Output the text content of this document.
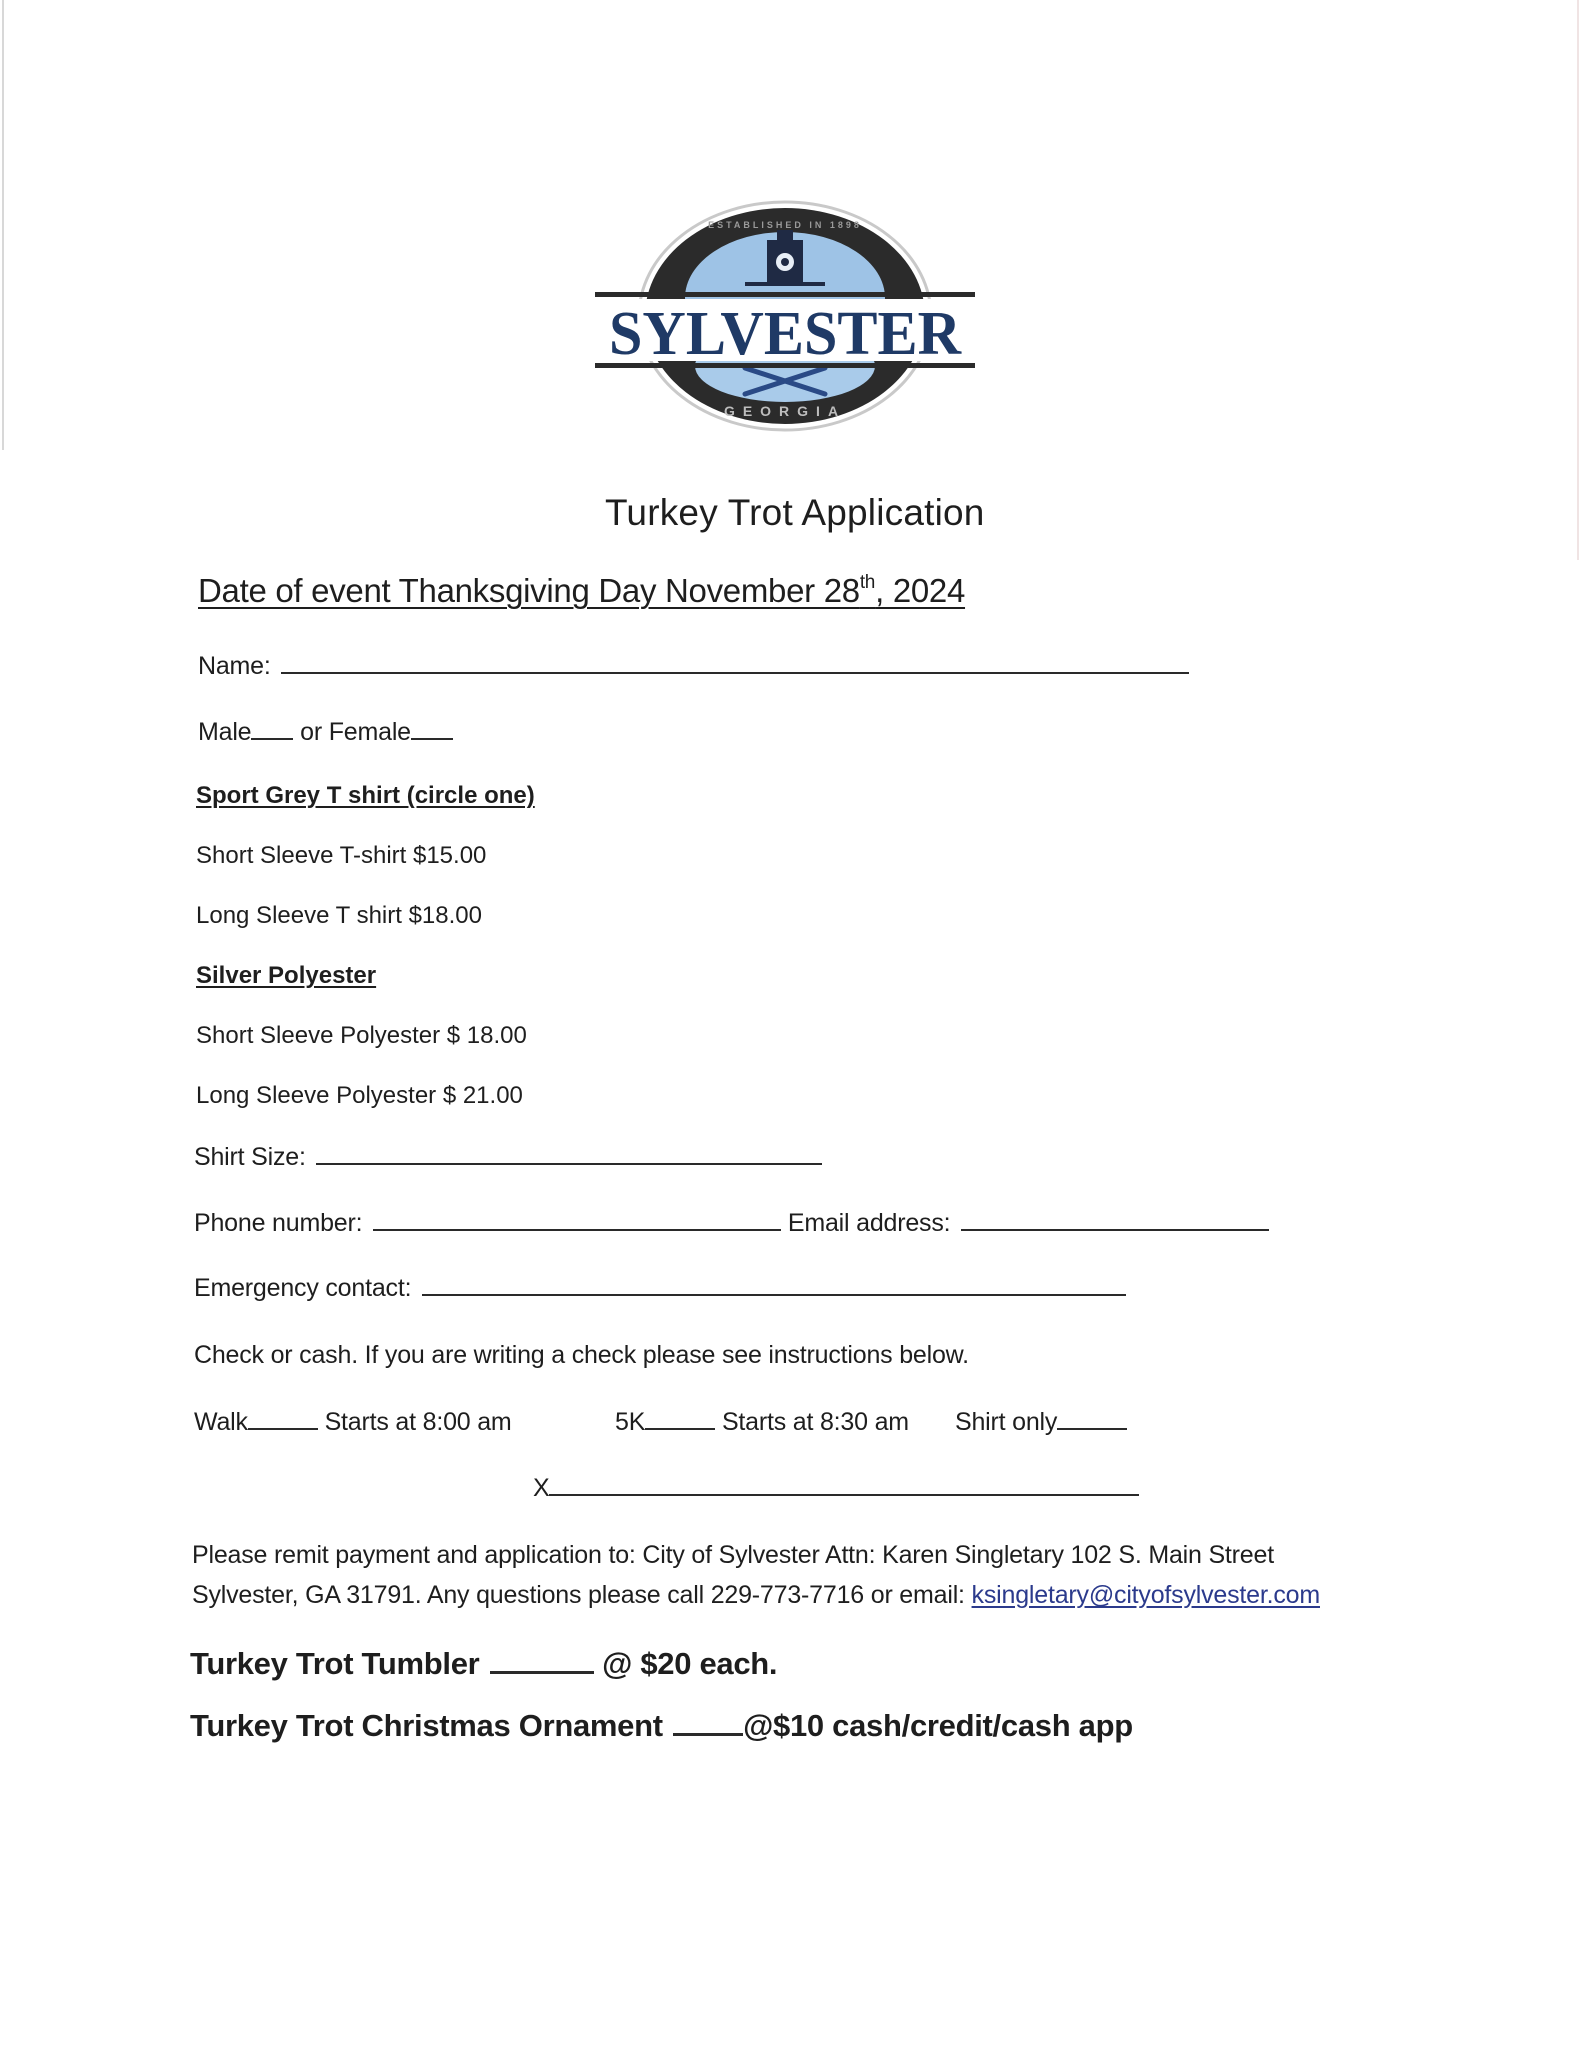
SYLVESTER
ESTABLISHED IN 1898
GEORGIA
Turkey Trot Application
Date of event Thanksgiving Day November 28th, 2024
Name:
Male or Female
Sport Grey T shirt (circle one)
Short Sleeve T-shirt $15.00
Long Sleeve T shirt $18.00
Silver Polyester
Short Sleeve Polyester $ 18.00
Long Sleeve Polyester $ 21.00
Shirt Size:
Phone number:	Email address:
Emergency contact:
Check or cash. If you are writing a check please see instructions below.
Walk	Starts at 8:00 am	5K	Starts at 8:30 am Shirt only
X
Please remit payment and application to: City of Sylvester Attn: Karen Singletary 102 S. Main Street
Sylvester, GA 31791. Any questions please call 229-773-7716 or email: ksingletary@cityofsylvester.com
Turkey Trot Tumbler	@ $20 each.
Turkey Trot Christmas Ornament	@$10 cash/credit/cash app
